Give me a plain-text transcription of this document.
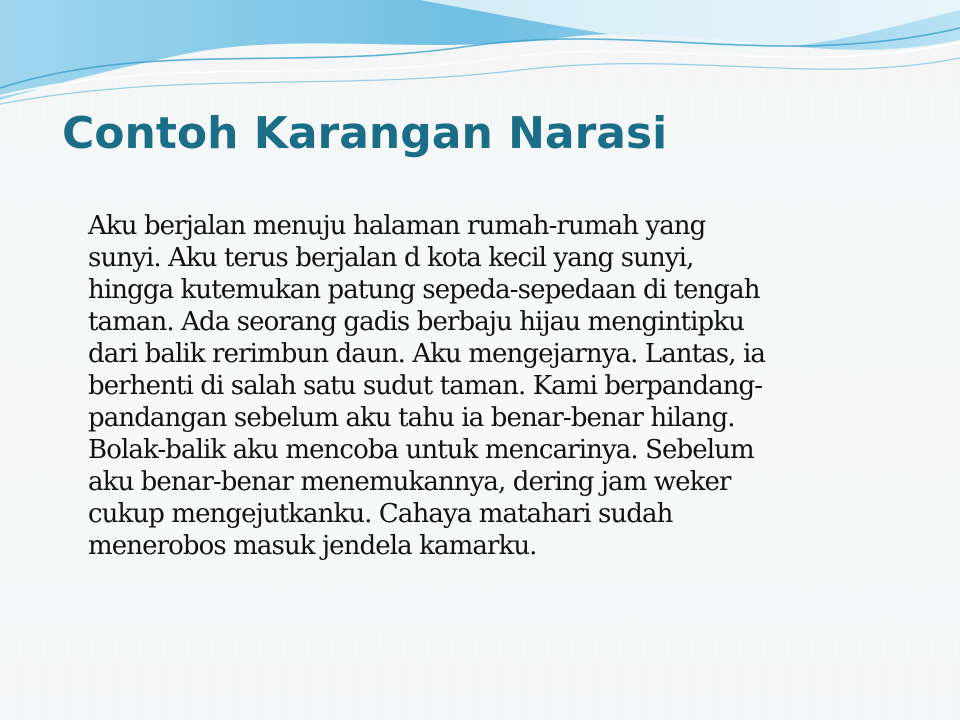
Contoh Karangan Narasi
Aku berjalan menuju halaman rumah-rumah yang
sunyi. Aku terus berjalan d kota kecil yang sunyi,
hingga kutemukan patung sepeda-sepedaan di tengah
taman. Ada seorang gadis berbaju hijau mengintipku
dari balik rerimbun daun. Aku mengejarnya. Lantas, ia
berhenti di salah satu sudut taman. Kami berpandang-
pandangan sebelum aku tahu ia benar-benar hilang.
Bolak-balik aku mencoba untuk mencarinya. Sebelum
aku benar-benar menemukannya, dering jam weker
cukup mengejutkanku. Cahaya matahari sudah
menerobos masuk jendela kamarku.
